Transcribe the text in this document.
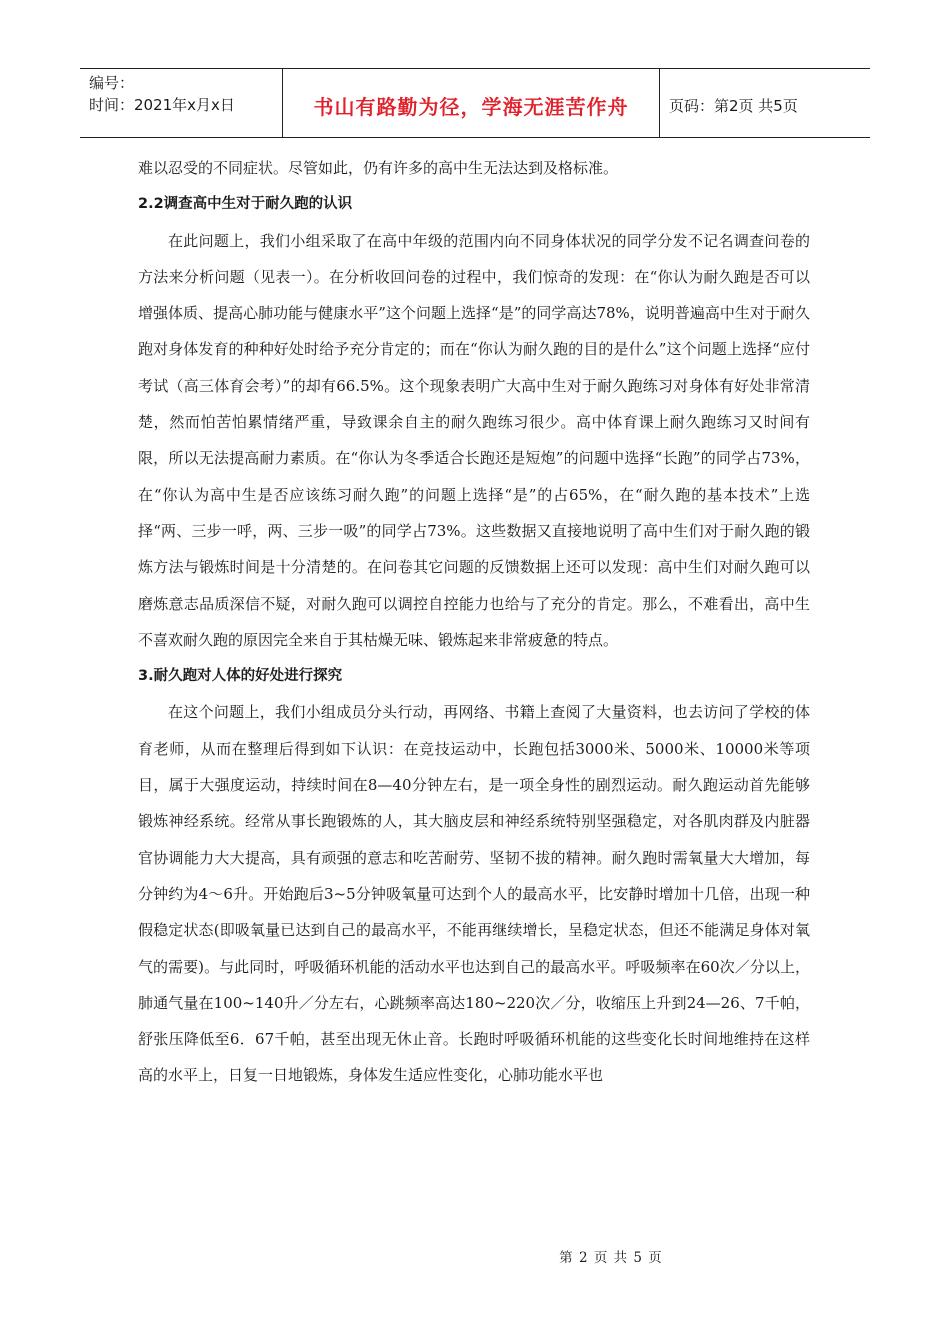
编号：
时间：2021年x月x日	书山有路勤为径，学海无涯苦作舟	页码：第2页 共5页

难以忍受的不同症状。尽管如此，仍有许多的高中生无法达到及格标准。

2.2调查高中生对于耐久跑的认识

在此问题上，我们小组采取了在高中年级的范围内向不同身体状况的同学分发不记名调查问卷的方法来分析问题（见表一）。在分析收回问卷的过程中，我们惊奇的发现：在“你认为耐久跑是否可以增强体质、提高心肺功能与健康水平”这个问题上选择“是”的同学高达78%，说明普遍高中生对于耐久跑对身体发育的种种好处时给予充分肯定的；而在“你认为耐久跑的目的是什么”这个问题上选择“应付考试（高三体育会考）”的却有66.5%。这个现象表明广大高中生对于耐久跑练习对身体有好处非常清楚，然而怕苦怕累情绪严重，导致课余自主的耐久跑练习很少。高中体育课上耐久跑练习又时间有限，所以无法提高耐力素质。在“你认为冬季适合长跑还是短炮”的问题中选择“长跑”的同学占73%，在“你认为高中生是否应该练习耐久跑”的问题上选择“是”的占65%，在“耐久跑的基本技术”上选择“两、三步一呼，两、三步一吸”的同学占73%。这些数据又直接地说明了高中生们对于耐久跑的锻炼方法与锻炼时间是十分清楚的。在问卷其它问题的反馈数据上还可以发现：高中生们对耐久跑可以磨炼意志品质深信不疑，对耐久跑可以调控自控能力也给与了充分的肯定。那么，不难看出，高中生不喜欢耐久跑的原因完全来自于其枯燥无味、锻炼起来非常疲惫的特点。

3.耐久跑对人体的好处进行探究

在这个问题上，我们小组成员分头行动，再网络、书籍上查阅了大量资料，也去访问了学校的体育老师，从而在整理后得到如下认识：在竞技运动中，长跑包括3000米、5000米、10000米等项目，属于大强度运动，持续时间在8—40分钟左右，是一项全身性的剧烈运动。耐久跑运动首先能够锻炼神经系统。经常从事长跑锻炼的人，其大脑皮层和神经系统特别坚强稳定，对各肌肉群及内脏器官协调能力大大提高，具有顽强的意志和吃苦耐劳、坚韧不拔的精神。耐久跑时需氧量大大增加，每分钟约为4～6升。开始跑后3~5分钟吸氧量可达到个人的最高水平，比安静时增加十几倍，出现一种假稳定状态(即吸氧量已达到自己的最高水平，不能再继续增长，呈稳定状态，但还不能满足身体对氧气的需要)。与此同时，呼吸循环机能的活动水平也达到自己的最高水平。呼吸频率在60次／分以上，肺通气量在100~140升／分左右，心跳频率高达180~220次／分，收缩压上升到24—26、7千帕，舒张压降低至6．67千帕，甚至出现无休止音。长跑时呼吸循环机能的这些变化长时间地维持在这样高的水平上，日复一日地锻炼，身体发生适应性变化，心肺功能水平也

第 2 页 共 5 页
